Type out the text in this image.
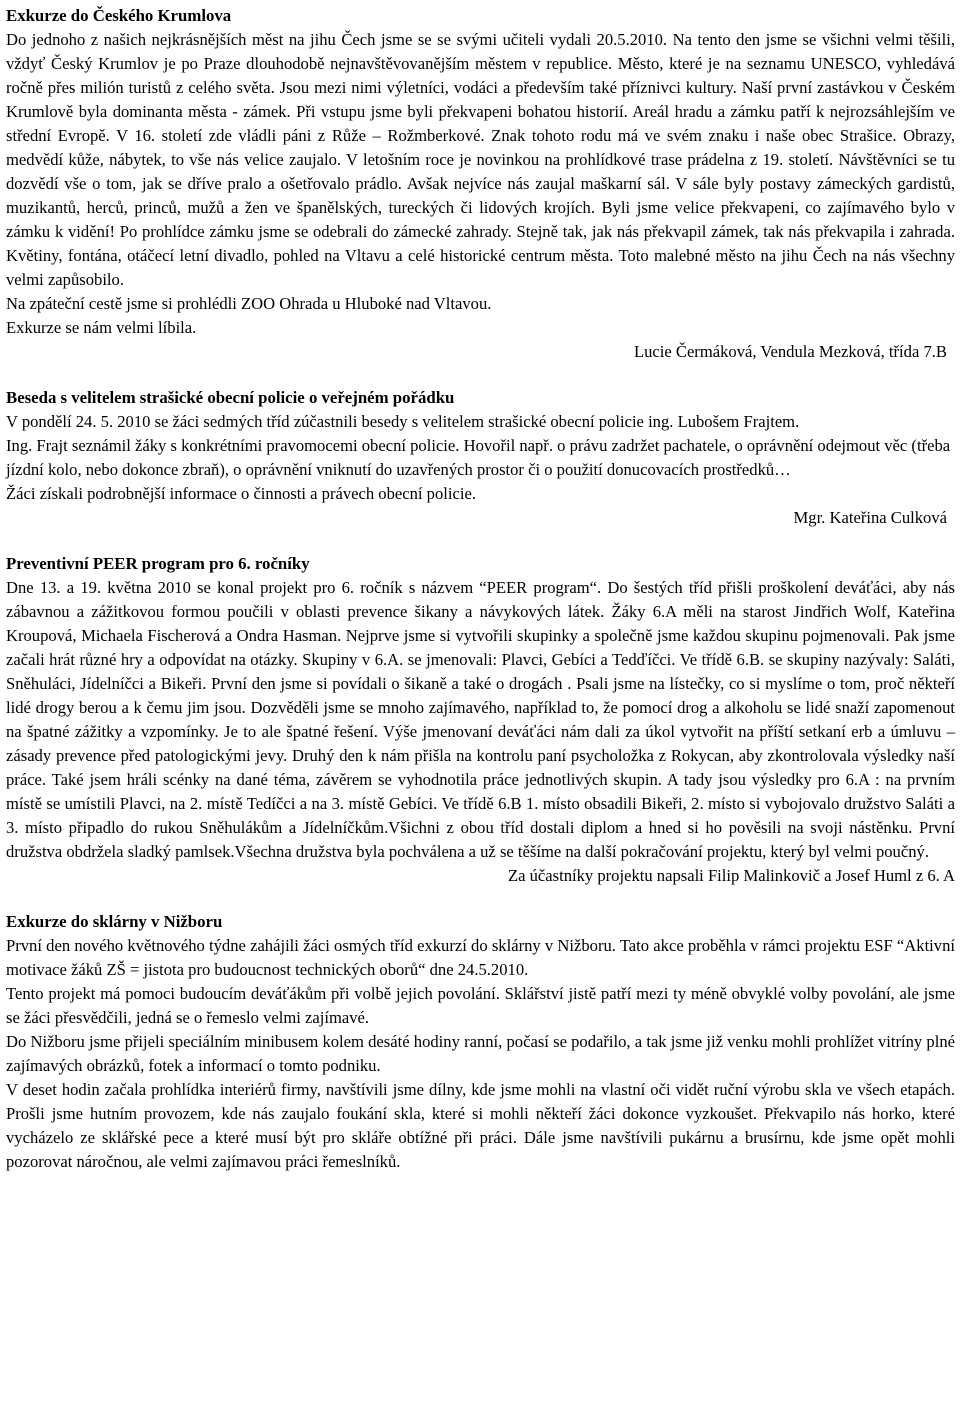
Exkurze do Českého Krumlova

Do jednoho z našich nejkrásnějších měst na jihu Čech jsme se se svými učiteli vydali 20.5.2010. Na tento den jsme se všichni velmi těšili, vždyť Český Krumlov je po Praze dlouhodobě nejnavštěvovanějším městem v republice. Město, které je na seznamu UNESCO, vyhledává ročně přes milión turistů z celého světa. Jsou mezi nimi výletníci, vodáci a především také příznivci kultury. Naší první zastávkou v Českém Krumlově byla dominanta města - zámek. Při vstupu jsme byli překvapeni bohatou historií. Areál hradu a zámku patří k nejrozsáhlejším ve střední Evropě. V 16. století zde vládli páni z Růže – Rožmberkové. Znak tohoto rodu má ve svém znaku i naše obec Strašice. Obrazy, medvědí kůže, nábytek, to vše nás velice zaujalo. V letošním roce je novinkou na prohlídkové trase prádelna z 19. století. Návštěvníci se tu dozvědí vše o tom, jak se dříve pralo a ošetřovalo prádlo. Avšak nejvíce nás zaujal maškarní sál. V sále byly postavy zámeckých gardistů, muzikantů, herců, princů, mužů a žen ve španělských, tureckých či lidových krojích. Byli jsme velice překvapeni, co zajímavého bylo v zámku k vidění! Po prohlídce zámku jsme se odebrali do zámecké zahrady. Stejně tak, jak nás překvapil zámek, tak nás překvapila i zahrada. Květiny, fontána, otáčecí letní divadlo, pohled na Vltavu a celé historické centrum města. Toto malebné město na jihu Čech na nás všechny velmi zapůsobilo.

Na zpáteční cestě jsme si prohlédli ZOO Ohrada u Hluboké nad Vltavou.

Exkurze se nám velmi líbila.

Lucie Čermáková, Vendula Mezková, třída 7.B
Beseda s velitelem strašické obecní policie o veřejném pořádku

V pondělí 24. 5. 2010 se žáci sedmých tříd zúčastnili besedy s velitelem strašické obecní policie ing. Lubošem Frajtem.

Ing. Frajt seznámil žáky s konkrétními pravomocemi obecní policie. Hovořil např. o právu zadržet pachatele, o oprávnění odejmout věc (třeba jízdní kolo, nebo dokonce zbraň), o oprávnění vniknutí do uzavřených prostor či o použití donucovacích prostředků…

Žáci získali podrobnější informace o činnosti a právech obecní policie.

Mgr. Kateřina Culková
Preventivní PEER program pro 6. ročníky

Dne 13. a 19. května 2010 se konal projekt pro 6. ročník s názvem “PEER program“. Do šestých tříd přišli proškolení deváťáci, aby nás zábavnou a zážitkovou formou poučili v oblasti prevence šikany a návykových látek. Žáky 6.A měli na starost Jindřich Wolf, Kateřina Kroupová, Michaela Fischerová a Ondra Hasman. Nejprve jsme si vytvořili skupinky a společně jsme každou skupinu pojmenovali. Pak jsme začali hrát různé hry a odpovídat na otázky. Skupiny v 6.A. se jmenovali: Plavci, Gebíci a Tedďíčci. Ve třídě 6.B. se skupiny nazývaly: Saláti, Sněhuláci, Jídelníčci a Bikeři. První den jsme si povídali o šikaně a také o drogách . Psali jsme na lístečky, co si myslíme o tom, proč někteří lidé drogy berou a k čemu jim jsou. Dozvěděli jsme se mnoho zajímavého, například to, že pomocí drog a alkoholu se lidé snaží zapomenout na špatné zážitky a vzpomínky. Je to ale špatné řešení. Výše jmenovaní deváťáci nám dali za úkol vytvořit na příští setkaní erb a úmluvu – zásady prevence před patologickými jevy. Druhý den k nám přišla na kontrolu paní psycholožka z Rokycan, aby zkontrolovala výsledky naší práce. Také jsem hráli scénky na dané téma, závěrem se vyhodnotila práce jednotlivých skupin. A tady jsou výsledky pro 6.A : na prvním místě se umístili Plavci, na 2. místě Tedíčci a na 3. místě Gebíci. Ve třídě 6.B 1. místo obsadili Bikeři, 2. místo si vybojovalo družstvo Saláti a 3. místo připadlo do rukou Sněhulákům a Jídelníčkům.Všichni z obou tříd dostali diplom a hned si ho pověsili na svoji nástěnku. První družstva obdržela sladký pamlsek.Všechna družstva byla pochválena a už se těšíme na další pokračování projektu, který byl velmi poučný.

Za účastníky projektu napsali Filip Malinkovič a Josef Huml z 6. A
Exkurze do sklárny v Nižboru

První den nového květnového týdne zahájili žáci osmých tříd exkurzí do sklárny v Nižboru. Tato akce proběhla v rámci projektu ESF “Aktivní motivace žáků ZŠ = jistota pro budoucnost technických oborů“ dne 24.5.2010.

Tento projekt má pomoci budoucím deváťákům při volbě jejich povolání. Sklářství jistě patří mezi ty méně obvyklé volby povolání, ale jsme se žáci přesvědčili, jedná se o řemeslo velmi zajímavé.

Do Nižboru jsme přijeli speciálním minibusem kolem desáté hodiny ranní, počasí se podařilo, a tak jsme již venku mohli prohlížet vitríny plné zajímavých obrázků, fotek a informací o tomto podniku.

V deset hodin začala prohlídka interiérů firmy, navštívili jsme dílny, kde jsme mohli na vlastní oči vidět ruční výrobu skla ve všech etapách. Prošli jsme hutním provozem, kde nás zaujalo foukání skla, které si mohli někteří žáci dokonce vyzkoušet. Překvapilo nás horko, které vycházelo ze sklářské pece a které musí být pro skláře obtížné při práci. Dále jsme navštívili pukárnu a brusírnu, kde jsme opět mohli pozorovat náročnou, ale velmi zajímavou práci řemeslníků.
